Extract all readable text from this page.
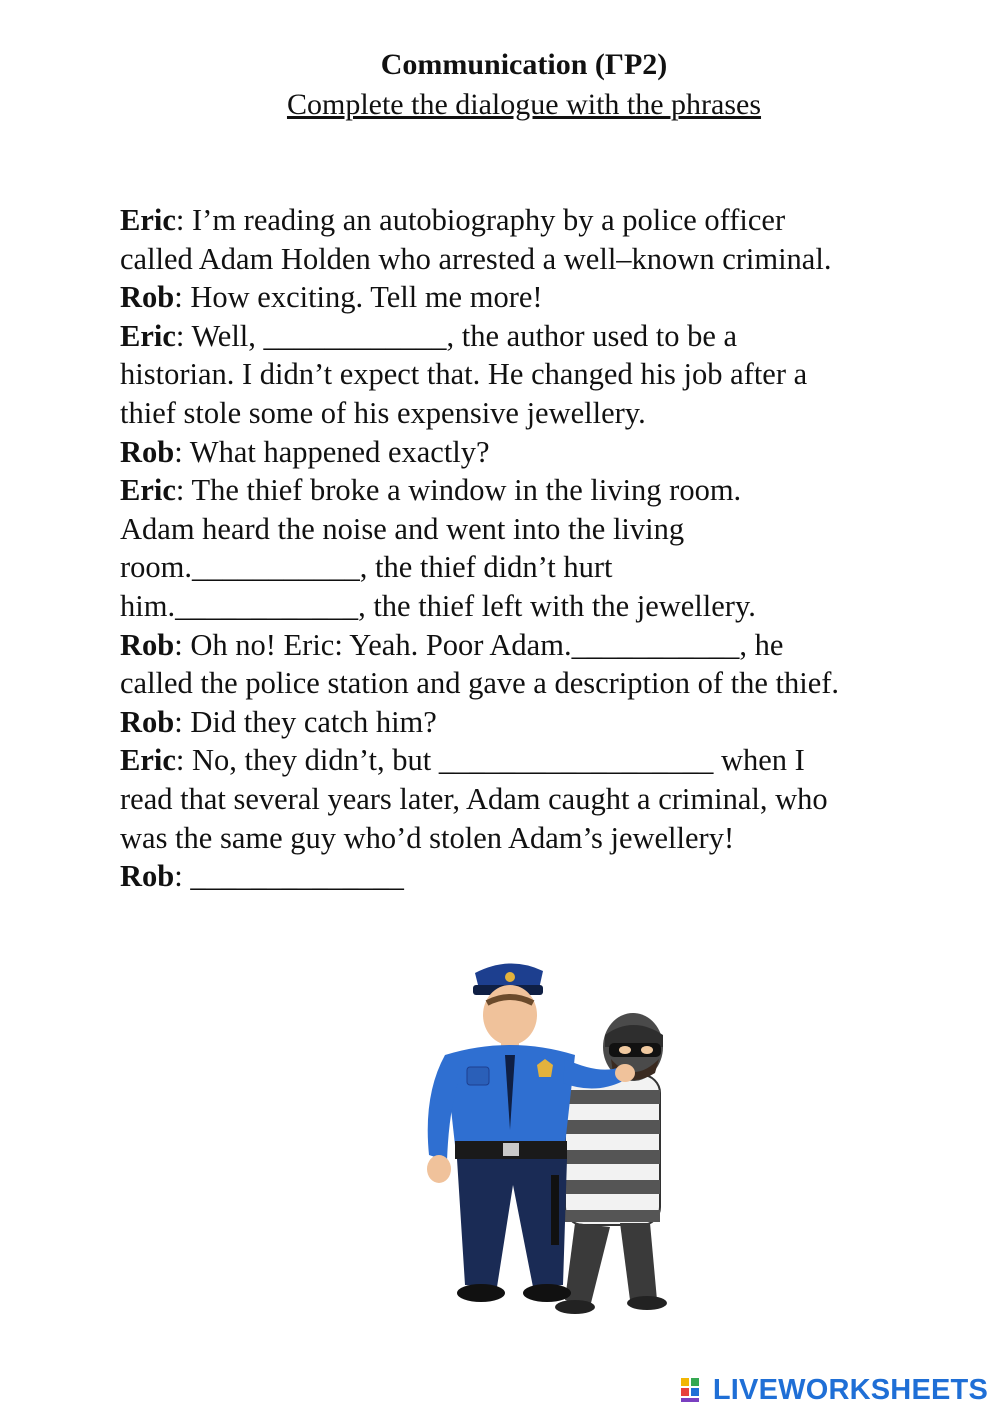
Communication (ΓΡ2)
Complete the dialogue with the phrases
Eric: I’m reading an autobiography by a police officer
called Adam Holden who arrested a well–known criminal.
Rob: How exciting. Tell me more!
Eric: Well, ____________, the author used to be a
historian. I didn’t expect that. He changed his job after a
thief stole some of his expensive jewellery.
Rob: What happened exactly?
Eric: The thief broke a window in the living room.
Adam heard the noise and went into the living
room.___________, the thief didn’t hurt
him.____________, the thief left with the jewellery.
Rob: Oh no! Eric: Yeah. Poor Adam.___________, he
called the police station and gave a description of the thief.
Rob: Did they catch him?
Eric: No, they didn’t, but __________________ when I
read that several years later, Adam caught a criminal, who
was the same guy who’d stolen Adam’s jewellery!
Rob: ______________
LIVEWORKSHEETS
